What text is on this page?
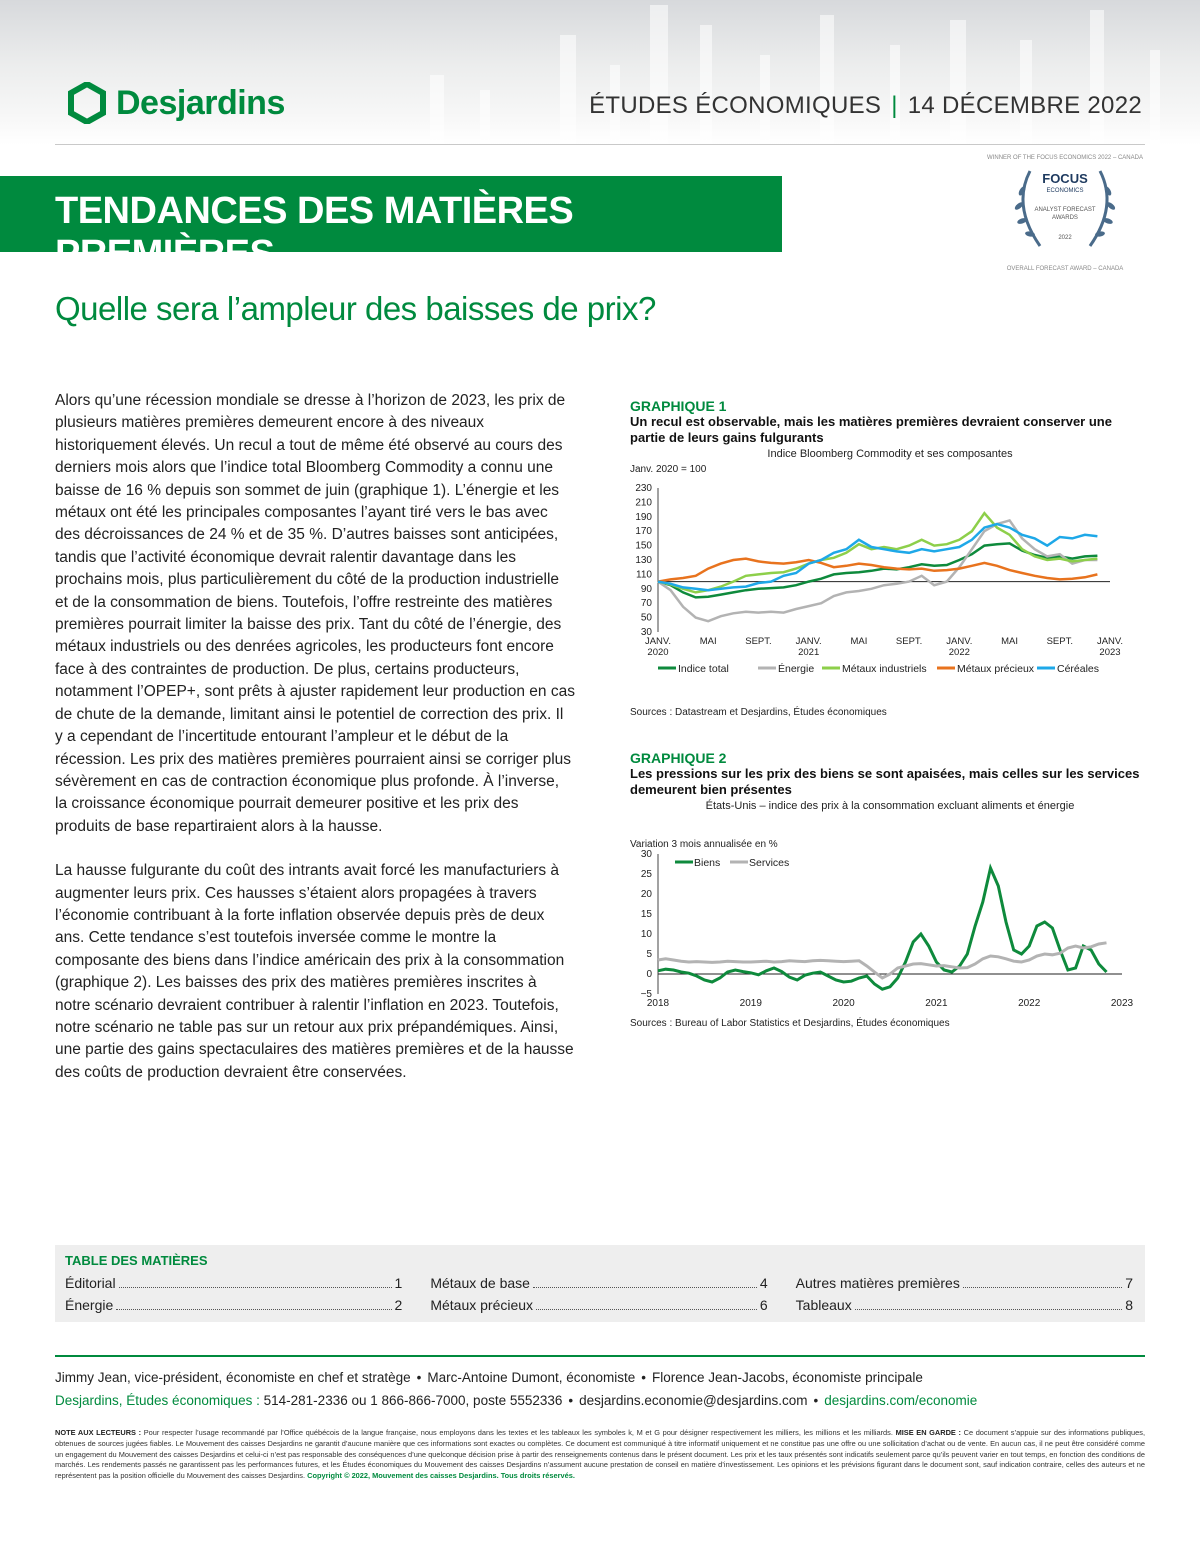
Desjardins	ÉTUDES ÉCONOMIQUES | 14 DÉCEMBRE 2022
TENDANCES DES MATIÈRES PREMIÈRES
Quelle sera l’ampleur des baisses de prix?
WINNER OF THE FOCUS ECONOMICS 2022 – CANADA
FOCUS
ECONOMICS
ANALYST FORECAST
AWARDS
2022
OVERALL FORECAST AWARD – CANADA

Alors qu’une récession mondiale se dresse à l’horizon de 2023, les prix de plusieurs matières premières demeurent encore à des niveaux historiquement élevés. Un recul a tout de même été observé au cours des derniers mois alors que l’indice total Bloomberg Commodity a connu une baisse de 16 % depuis son sommet de juin (graphique 1). L’énergie et les métaux ont été les principales composantes l’ayant tiré vers le bas avec des décroissances de 24 % et de 35 %. D’autres baisses sont anticipées, tandis que l’activité économique devrait ralentir davantage dans les prochains mois, plus particulièrement du côté de la production industrielle et de la consommation de biens. Toutefois, l’offre restreinte des matières premières pourrait limiter la baisse des prix. Tant du côté de l’énergie, des métaux industriels ou des denrées agricoles, les producteurs font encore face à des contraintes de production. De plus, certains producteurs, notamment l’OPEP+, sont prêts à ajuster rapidement leur production en cas de chute de la demande, limitant ainsi le potentiel de correction des prix. Il y a cependant de l’incertitude entourant l’ampleur et le début de la récession. Les prix des matières premières pourraient ainsi se corriger plus sévèrement en cas de contraction économique plus profonde. À l’inverse, la croissance économique pourrait demeurer positive et les prix des produits de base repartiraient alors à la hausse.

La hausse fulgurante du coût des intrants avait forcé les manufacturiers à augmenter leurs prix. Ces hausses s’étaient alors propagées à travers l’économie contribuant à la forte inflation observée depuis près de deux ans. Cette tendance s’est toutefois inversée comme le montre la composante des biens dans l’indice américain des prix à la consommation (graphique 2). Les baisses des prix des matières premières inscrites à notre scénario devraient contribuer à ralentir l’inflation en 2023. Toutefois, notre scénario ne table pas sur un retour aux prix prépandémiques. Ainsi, une partie des gains spectaculaires des matières premières et de la hausse des coûts de production devraient être conservées.

GRAPHIQUE 1
Un recul est observable, mais les matières premières devraient conserver une partie de leurs gains fulgurants
Indice Bloomberg Commodity et ses composantes
Janv. 2020 = 100
30
50
70
90
110
130
150
170
190
210
230
JANV.
2020
MAI	SEPT.	JANV.
2021
MAI	SEPT.	JANV.
2022
MAI	SEPT.	JANV.
2023
Indice total	Énergie	Métaux industriels	Métaux précieux Céréales
Sources : Datastream et Desjardins, Études économiques
GRAPHIQUE 2
Les pressions sur les prix des biens se sont apaisées, mais celles sur les services demeurent bien présentes
États-Unis – indice des prix à la consommation excluant aliments et énergie
−5
0
5
10
15
20
25
30
2018	2019	2020	2021	2022	2023
Biens	Services
Variation 3 mois annualisée en %
Sources : Bureau of Labor Statistics et Desjardins, Études économiques
TABLE DES MATIÈRES
Éditorial	1
Énergie	2
Métaux de base	4
Métaux précieux	6
Autres matières premières	7
Tableaux	8
Jimmy Jean, vice-président, économiste en chef et stratège • Marc-Antoine Dumont, économiste • Florence Jean-Jacobs, économiste principale
Desjardins, Études économiques : 514-281-2336 ou 1 866-866-7000, poste 5552336 • desjardins.economie@desjardins.com • desjardins.com/economie
NOTE AUX LECTEURS : Pour respecter l’usage recommandé par l’Office québécois de la langue française, nous employons dans les textes et les tableaux les symboles k, M et G pour désigner respectivement les milliers, les millions et les milliards. MISE EN GARDE : Ce document s’appuie sur des informations publiques, obtenues de sources jugées fiables. Le Mouvement des caisses Desjardins ne garantit d’aucune manière que ces informations sont exactes ou complètes. Ce document est communiqué à titre informatif uniquement et ne constitue pas une offre ou une sollicitation d’achat ou de vente. En aucun cas, il ne peut être considéré comme un engagement du Mouvement des caisses Desjardins et celui-ci n’est pas responsable des conséquences d’une quelconque décision prise à partir des renseignements contenus dans le présent document. Les prix et les taux présentés sont indicatifs seulement parce qu’ils peuvent varier en tout temps, en fonction des conditions de marchés. Les rendements passés ne garantissent pas les performances futures, et les Études économiques du Mouvement des caisses Desjardins n’assument aucune prestation de conseil en matière d’investissement. Les opinions et les prévisions figurant dans le document sont, sauf indication contraire, celles des auteurs et ne représentent pas la position officielle du Mouvement des caisses Desjardins. Copyright © 2022, Mouvement des caisses Desjardins. Tous droits réservés.
